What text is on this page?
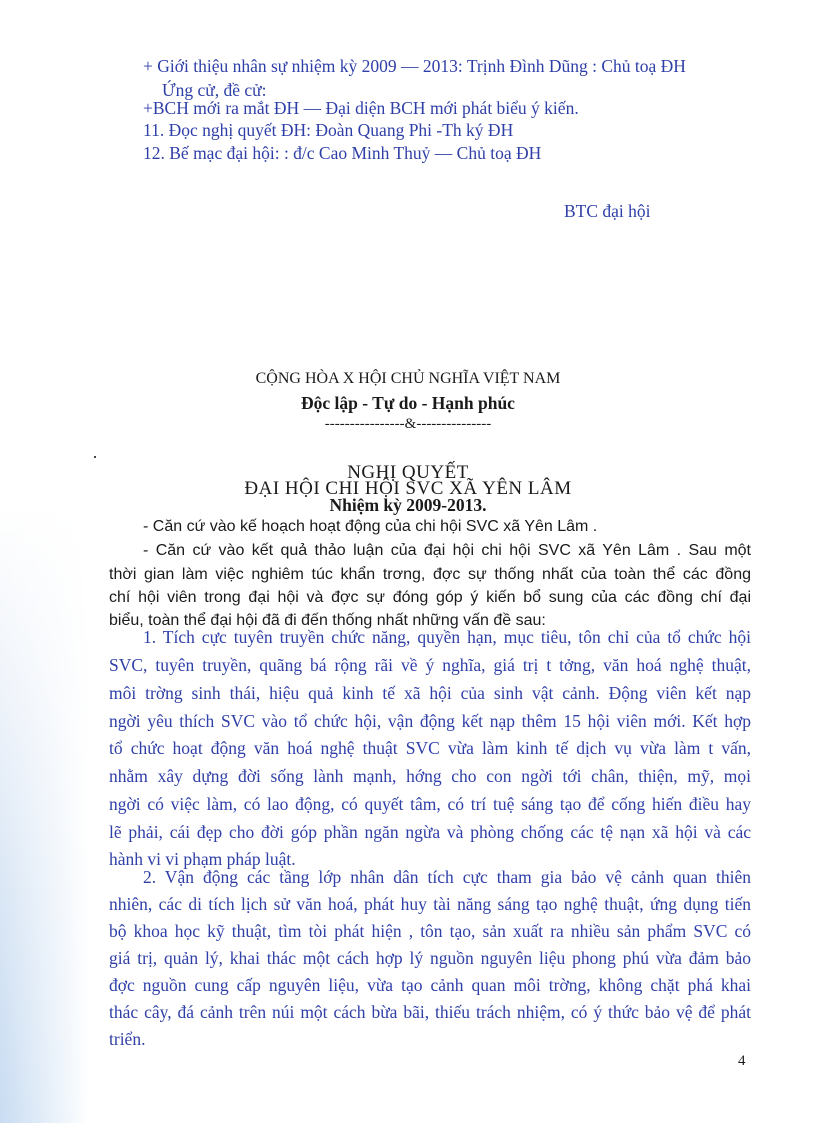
+ Giới thiệu nhân sự nhiệm kỳ 2009 — 2013: Trịnh Đình Dũng : Chủ toạ ĐH
Ứng cử, đề cử:
+BCH mới ra mắt ĐH — Đại diện BCH mới phát biểu ý kiến.
11. Đọc nghị quyết ĐH: Đoàn Quang Phi -Th ký ĐH
12. Bế mạc đại hội: : đ/c Cao Minh Thuỷ — Chủ toạ ĐH
BTC đại hội
CỘNG HÒA X HỘI CHỦ NGHĨA VIỆT NAM
Độc lập - Tự do - Hạnh phúc
----------------&---------------
NGHỊ QUYẾT
ĐẠI HỘI CHI HỘI SVC XÃ YÊN LÂM
Nhiệm kỳ 2009-2013.
- Căn cứ vào kế hoạch hoạt động của chi hội SVC xã Yên Lâm .
- Căn cứ vào kết quả thảo luận của đại hội chi hội SVC xã Yên Lâm . Sau một
thời gian làm việc nghiêm túc khẩn trơng, đợc sự thống nhất của toàn thể các đồng
chí hội viên trong đại hội và đợc sự đóng góp ý kiến bổ sung của các đồng chí đại
biểu, toàn thể đại hội đã đi đến thống nhất những vấn đề sau:
1. Tích cực tuyên truyền chức năng, quyền hạn, mục tiêu, tôn chỉ của tổ chức hội
SVC, tuyên truyền, quãng bá rộng rãi về ý nghĩa, giá trị t tởng, văn hoá nghệ thuật,
môi trờng sinh thái, hiệu quả kinh tế xã hội của sinh vật cảnh. Động viên kết nạp
ngời yêu thích SVC vào tổ chức hội, vận động kết nạp thêm 15 hội viên mới. Kết hợp
tổ chức hoạt động văn hoá nghệ thuật SVC vừa làm kinh tế dịch vụ vừa làm t vấn,
nhằm xây dựng đời sống lành mạnh, hớng cho con ngời tới chân, thiện, mỹ, mọi
ngời có việc làm, có lao động, có quyết tâm, có trí tuệ sáng tạo để cống hiến điều hay
lẽ phải, cái đẹp cho đời góp phần ngăn ngừa và phòng chống các tệ nạn xã hội và các
hành vi vi phạm pháp luật.
2. Vận động các tầng lớp nhân dân tích cực tham gia bảo vệ cảnh quan thiên
nhiên, các di tích lịch sử văn hoá, phát huy tài năng sáng tạo nghệ thuật, ứng dụng tiến
bộ khoa học kỹ thuật, tìm tòi phát hiện , tôn tạo, sản xuất ra nhiều sản phẩm SVC có
giá trị, quản lý, khai thác một cách hợp lý nguồn nguyên liệu phong phú vừa đảm bảo
đợc nguồn cung cấp nguyên liệu, vừa tạo cảnh quan môi trờng, không chặt phá khai
thác cây, đá cảnh trên núi một cách bừa bãi, thiếu trách nhiệm, có ý thức bảo vệ để phát
triển.
4
